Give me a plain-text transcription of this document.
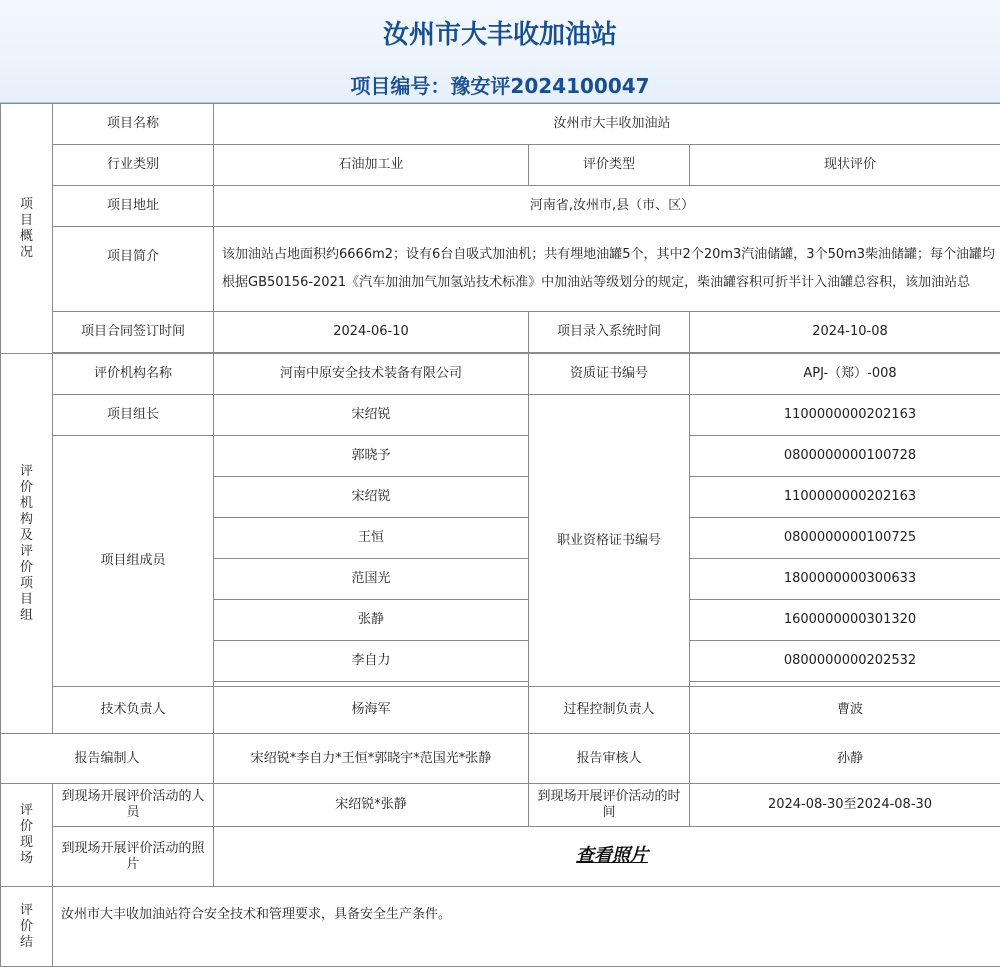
汝州市大丰收加油站
项目编号：豫安评2024100047
项目概况	项目名称	汝州市大丰收加油站		
	行业类别	石油加工业	评价类型	现状评价
	项目地址	河南省,汝州市,县（市、区）		
	项目简介	该加油站占地面积约6666m2；设有6台自吸式加油机；共有埋地油罐5个，其中2个20m3汽油储罐，3个50m3柴油储罐；每个油罐均
根据GB50156-2021《汽车加油加气加氢站技术标准》中加油站等级划分的规定，柴油罐容积可折半计入油罐总容积，该加油站总		

	项目合同签订时间	2024-06-10	项目录入系统时间	2024-10-08

评价机构及评价项目组	评价机构名称	河南中原安全技术装备有限公司	资质证书编号	APJ-（郑）-008
	项目组长	宋绍锐	职业资格证书编号	1100000000202163
	项目组成员	郭晓予		0800000000100728
		宋绍锐		1100000000202163
		王恒		0800000000100725
		范国光		1800000000300633
		张静		1600000000301320
		李自力		0800000000202532

	技术负责人	杨海军	过程控制负责人	曹波
报告编制人		宋绍锐*李自力*王恒*郭晓宇*范国光*张静	报告审核人	孙静

评价现场	到现场开展评价活动的人员	宋绍锐*张静	到现场开展评价活动的时间	2024-08-30至2024-08-30
	到现场开展评价活动的照片	查看照片		

评价结	汝州市大丰收加油站符合安全技术和管理要求，具备安全生产条件。			
